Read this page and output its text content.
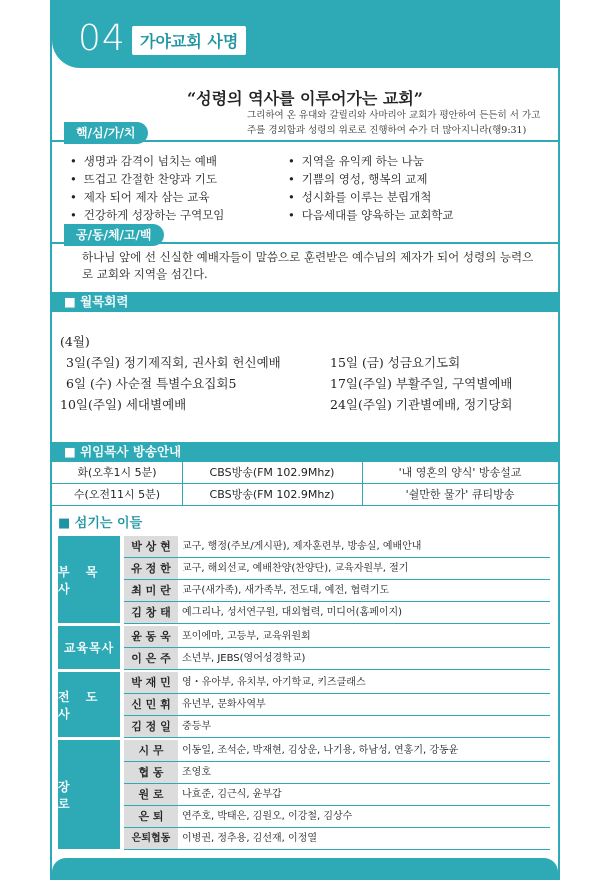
04 가야교회 사명
“성령의 역사를 이루어가는 교회”
그리하여 온 유대와 갈릴리와 사마리아 교회가 평안하여 든든히 서 가고 주를 경외함과 성령의 위로로 진행하여 수가 더 많아지니라(행9:31)
핵/심/가/치
• 생명과 감격이 넘치는 예배
• 뜨겁고 간절한 찬양과 기도
• 제자 되어 제자 삼는 교육
• 건강하게 성장하는 구역모임
• 지역을 유익케 하는 나눔
• 기쁨의 영성, 행복의 교제
• 성시화를 이루는 분립개척
• 다음세대를 양육하는 교회학교
공/동/체/고/백
하나님 앞에 선 신실한 예배자들이 말씀으로 훈련받은 예수님의 제자가 되어 성령의 능력으로 교회와 지역을 섬긴다.
■ 월목회력
(4월)
3일(주일) 정기제직회, 권사회 헌신예배
6일 (수) 사순절 특별수요집회5
10일(주일) 세대별예배
15일 (금) 성금요기도회
17일(주일) 부활주일, 구역별예배
24일(주일) 기관별예배, 정기당회
■ 위임목사 방송안내
화(오후1시 5분)	CBS방송(FM 102.9Mhz)	'내 영혼의 양식' 방송설교
수(오전11시 5분)	CBS방송(FM 102.9Mhz)	'쉴만한 물가' 큐티방송
■ 섬기는 이들
부 목 사
박 상 현	교구, 행정(주보/게시판), 제자훈련부, 방송실, 예배안내
유 정 한	교구, 해외선교, 예배찬양(찬양단), 교육자원부, 절기
최 미 란	교구(새가족), 새가족부, 전도대, 예전, 협력기도
김 창 태	예그리나, 성서연구원, 대외협력, 미디어(홈페이지)
교육목사
윤 동 욱	포이에마, 고등부, 교육위원회
이 은 주	소년부, JEBS(영어성경학교)
전 도 사
박 재 민	영・유아부, 유치부, 아기학교, 키즈클래스
신 민 휘	유년부, 문화사역부
김 정 일	중등부
장 로
시 무	이동일, 조석순, 박재현, 김상운, 나기용, 하남성, 연홍기, 강동윤
협 동	조영호
원 로	나효준, 김근식, 윤부갑
은 퇴	연주호, 박태은, 김원오, 이강철, 김상수
은퇴협동	이병권, 정추용, 김선재, 이정열
